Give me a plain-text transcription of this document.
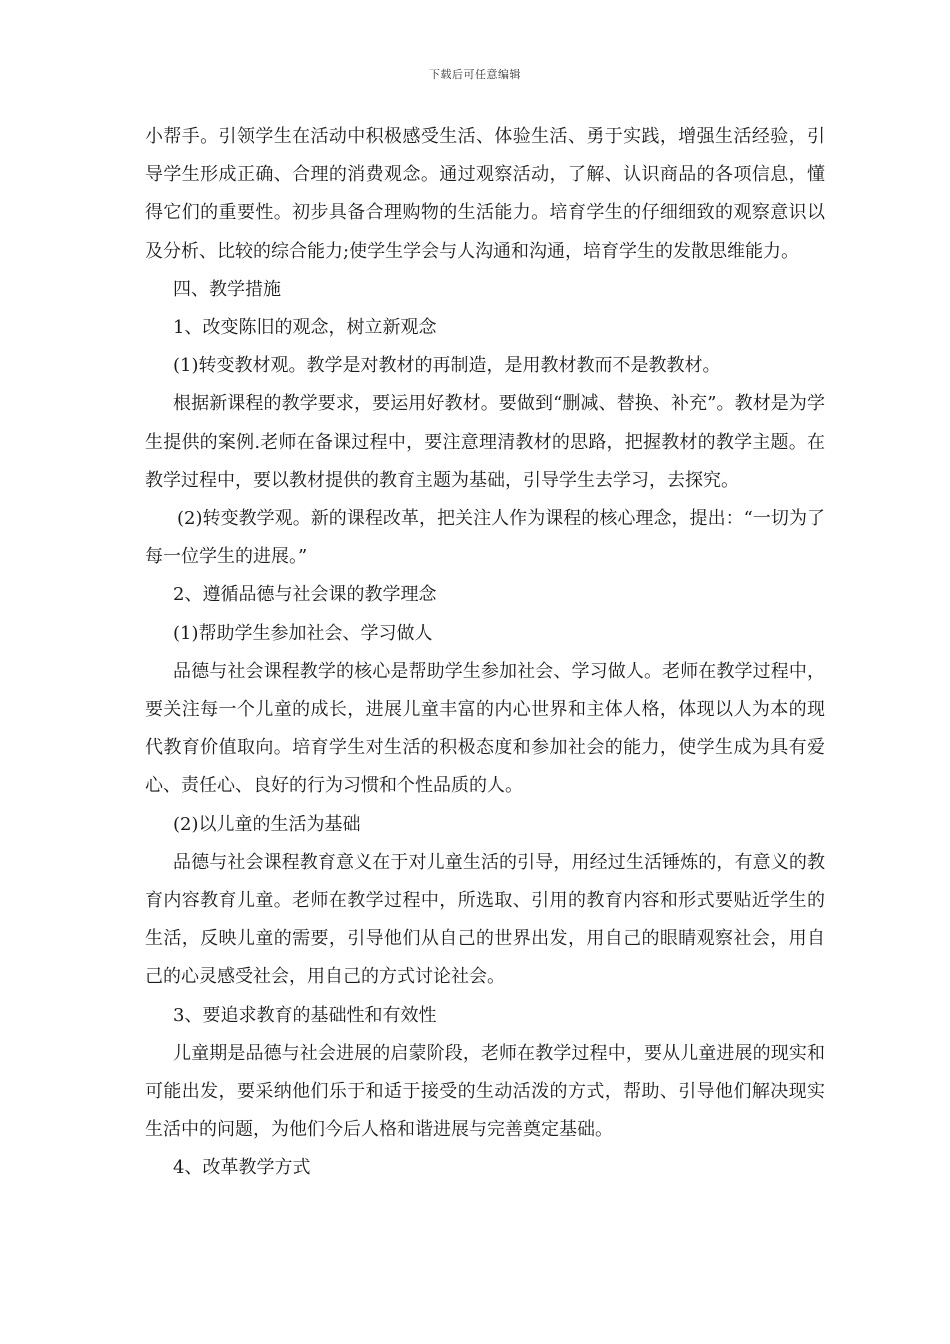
下载后可任意编辑

小帮手。引领学生在活动中积极感受生活、体验生活、勇于实践，增强生活经验，引导学生形成正确、合理的消费观念。通过观察活动，了解、认识商品的各项信息，懂得它们的重要性。初步具备合理购物的生活能力。培育学生的仔细细致的观察意识以及分析、比较的综合能力;使学生学会与人沟通和沟通，培育学生的发散思维能力。

四、教学措施

1、改变陈旧的观念，树立新观念

(1)转变教材观。教学是对教材的再制造，是用教材教而不是教教材。

根据新课程的教学要求，要运用好教材。要做到“删减、替换、补充”。教材是为学生提供的案例.老师在备课过程中，要注意理清教材的思路，把握教材的教学主题。在教学过程中，要以教材提供的教育主题为基础，引导学生去学习，去探究。

(2)转变教学观。新的课程改革，把关注人作为课程的核心理念，提出：“一切为了每一位学生的进展。”

2、遵循品德与社会课的教学理念

(1)帮助学生参加社会、学习做人

品德与社会课程教学的核心是帮助学生参加社会、学习做人。老师在教学过程中，要关注每一个儿童的成长，进展儿童丰富的内心世界和主体人格，体现以人为本的现代教育价值取向。培育学生对生活的积极态度和参加社会的能力，使学生成为具有爱心、责任心、良好的行为习惯和个性品质的人。

(2)以儿童的生活为基础

品德与社会课程教育意义在于对儿童生活的引导，用经过生活锤炼的，有意义的教育内容教育儿童。老师在教学过程中，所选取、引用的教育内容和形式要贴近学生的生活，反映儿童的需要，引导他们从自己的世界出发，用自己的眼睛观察社会，用自己的心灵感受社会，用自己的方式讨论社会。

3、要追求教育的基础性和有效性

儿童期是品德与社会进展的启蒙阶段，老师在教学过程中，要从儿童进展的现实和可能出发，要采纳他们乐于和适于接受的生动活泼的方式，帮助、引导他们解决现实生活中的问题，为他们今后人格和谐进展与完善奠定基础。

4、改革教学方式
